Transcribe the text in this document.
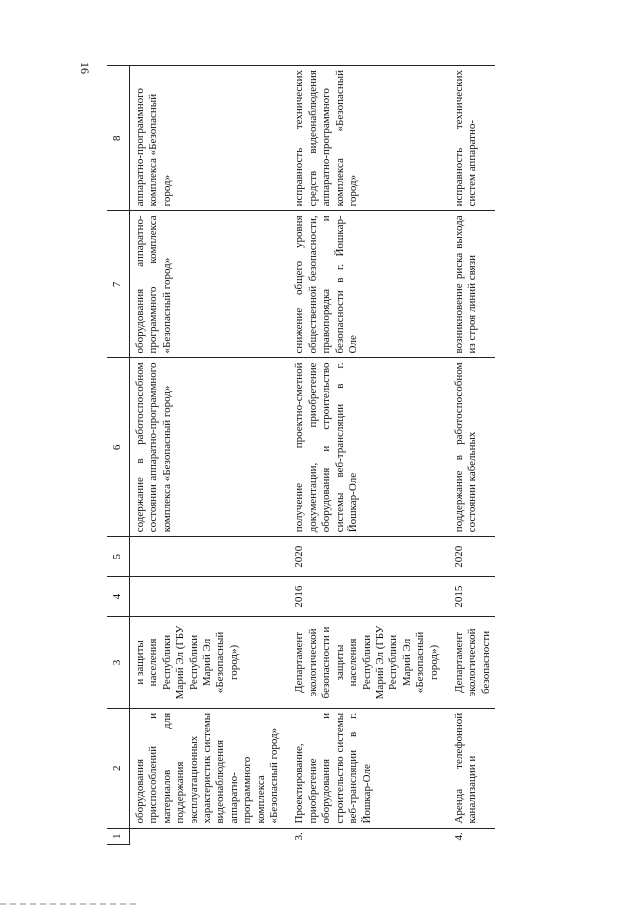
16
1	2	3	4	5	6	7	8
	оборудования приспособлений и материалов для поддержания эксплуатационных характеристик системы видеонаблюдения аппаратно-программного комплекса «Безопасный город»	и защиты населения Республики Марий Эл (ГБУ Республики Марий Эл «Безопасный город»)			содержание в работоспособном состоянии аппаратно-программного комплекса «Безопасный город»	оборудования аппаратно-программного комплекса «Безопасный город»	аппаратно-программного комплекса «Безопасный город»
3.	Проектирование, приобретение оборудования и строительство системы веб-трансляции в г. Йошкар-Оле	Департамент экологической безопасности и защиты населения Республики Марий Эл (ГБУ Республики Марий Эл «Безопасный город»)	2016	2020	получение проектно-сметной документации, приобретение оборудования и строительство системы веб-трансляции в г. Йошкар-Оле	снижение общего уровня общественной безопасности, правопорядка и безопасности в г. Йошкар-Оле	исправность технических средств видеонаблюдения аппаратно-программного комплекса «Безопасный город»
4.	Аренда телефонной канализации и	Департамент экологической безопасности	2015	2020	поддержание в работоспособном состоянии кабельных	возникновение риска выхода из строя линий связи	исправность технических систем аппаратно-
